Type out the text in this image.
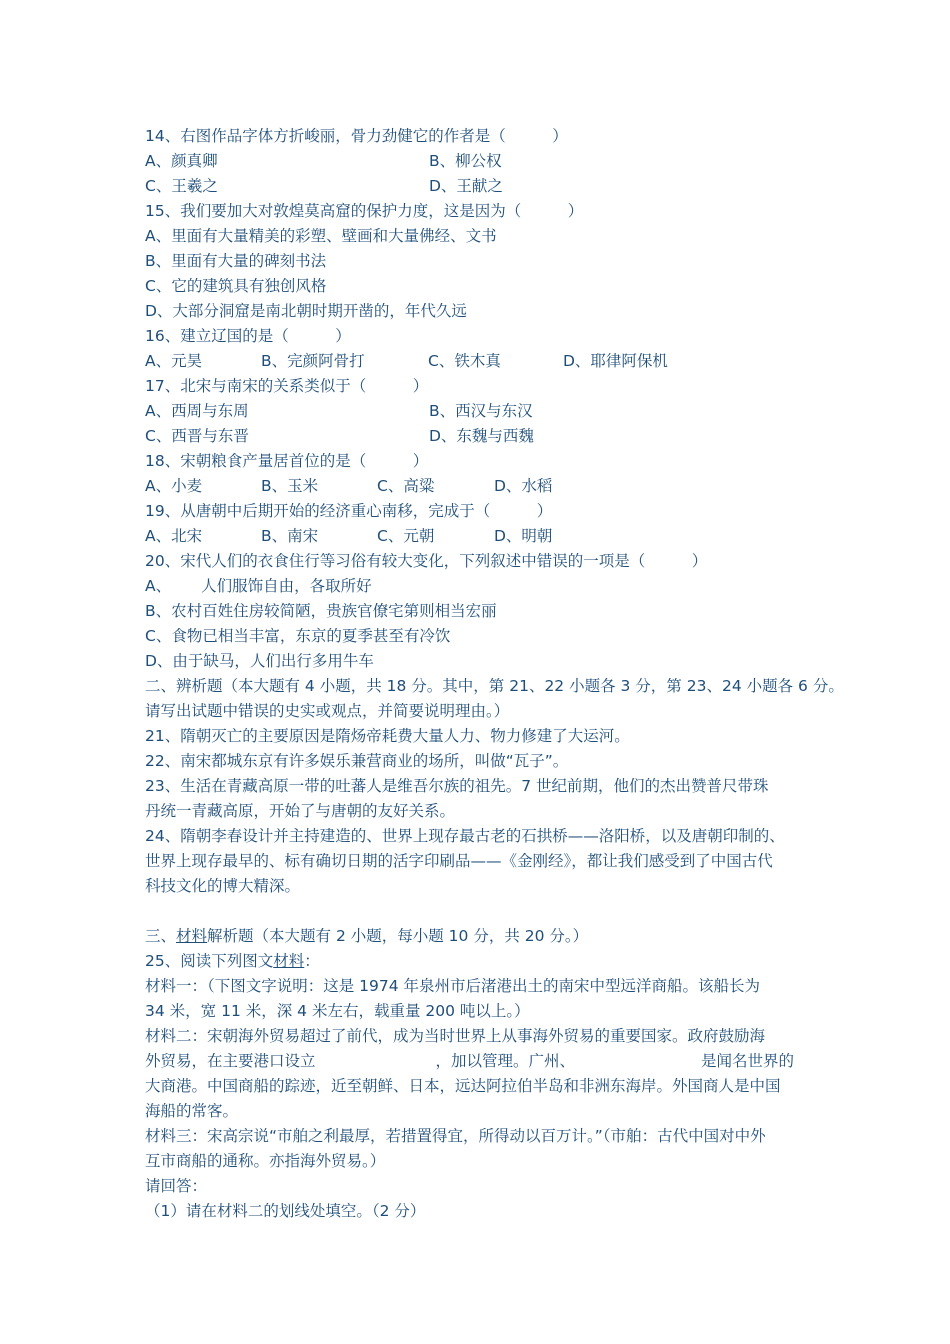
14、右图作品字体方折峻丽，骨力劲健它的作者是（　　　）
A、颜真卿	B、柳公权
C、王羲之	D、王献之
15、我们要加大对敦煌莫高窟的保护力度，这是因为（　　　）
A、里面有大量精美的彩塑、壁画和大量佛经、文书
B、里面有大量的碑刻书法
C、它的建筑具有独创风格
D、大部分洞窟是南北朝时期开凿的，年代久远
16、建立辽国的是（　　　）
A、元昊	B、完颜阿骨打	C、铁木真	D、耶律阿保机
17、北宋与南宋的关系类似于（　　　）
A、西周与东周	B、西汉与东汉
C、西晋与东晋	D、东魏与西魏
18、宋朝粮食产量居首位的是（　　　）
A、小麦	B、玉米	C、高粱	D、水稻
19、从唐朝中后期开始的经济重心南移，完成于（　　　）
A、北宋	B、南宋	C、元朝	D、明朝
20、宋代人们的衣食住行等习俗有较大变化，下列叙述中错误的一项是（　　　）
A、 人们服饰自由，各取所好
B、农村百姓住房较简陋，贵族官僚宅第则相当宏丽
C、食物已相当丰富，东京的夏季甚至有冷饮
D、由于缺马，人们出行多用牛车
二、辨析题（本大题有 4 小题，共 18 分。其中，第 21、22 小题各 3 分，第 23、24 小题各 6 分。
请写出试题中错误的史实或观点，并简要说明理由。）
21、隋朝灭亡的主要原因是隋炀帝耗费大量人力、物力修建了大运河。
22、南宋都城东京有许多娱乐兼营商业的场所，叫做“瓦子”。
23、生活在青藏高原一带的吐蕃人是维吾尔族的祖先。7 世纪前期，他们的杰出赞普尺带珠
丹统一青藏高原，开始了与唐朝的友好关系。
24、隋朝李春设计并主持建造的、世界上现存最古老的石拱桥——洛阳桥，以及唐朝印制的、
世界上现存最早的、标有确切日期的活字印刷品——《金刚经》，都让我们感受到了中国古代
科技文化的博大精深。
三、材料解析题（本大题有 2 小题，每小题 10 分，共 20 分。）
25、阅读下列图文材料：
材料一：（下图文字说明：这是 1974 年泉州市后渚港出土的南宋中型远洋商船。该船长为
34 米，宽 11 米，深 4 米左右，载重量 200 吨以上。）
材料二：宋朝海外贸易超过了前代，成为当时世界上从事海外贸易的重要国家。政府鼓励海
外贸易，在主要港口设立	，加以管理。广州、	是闻名世界的
大商港。中国商船的踪迹，近至朝鲜、日本，远达阿拉伯半岛和非洲东海岸。外国商人是中国
海船的常客。
材料三：宋高宗说“市舶之利最厚，若措置得宜，所得动以百万计。”（市舶：古代中国对中外
互市商船的通称。亦指海外贸易。）
请回答：
（1）请在材料二的划线处填空。（2 分）
